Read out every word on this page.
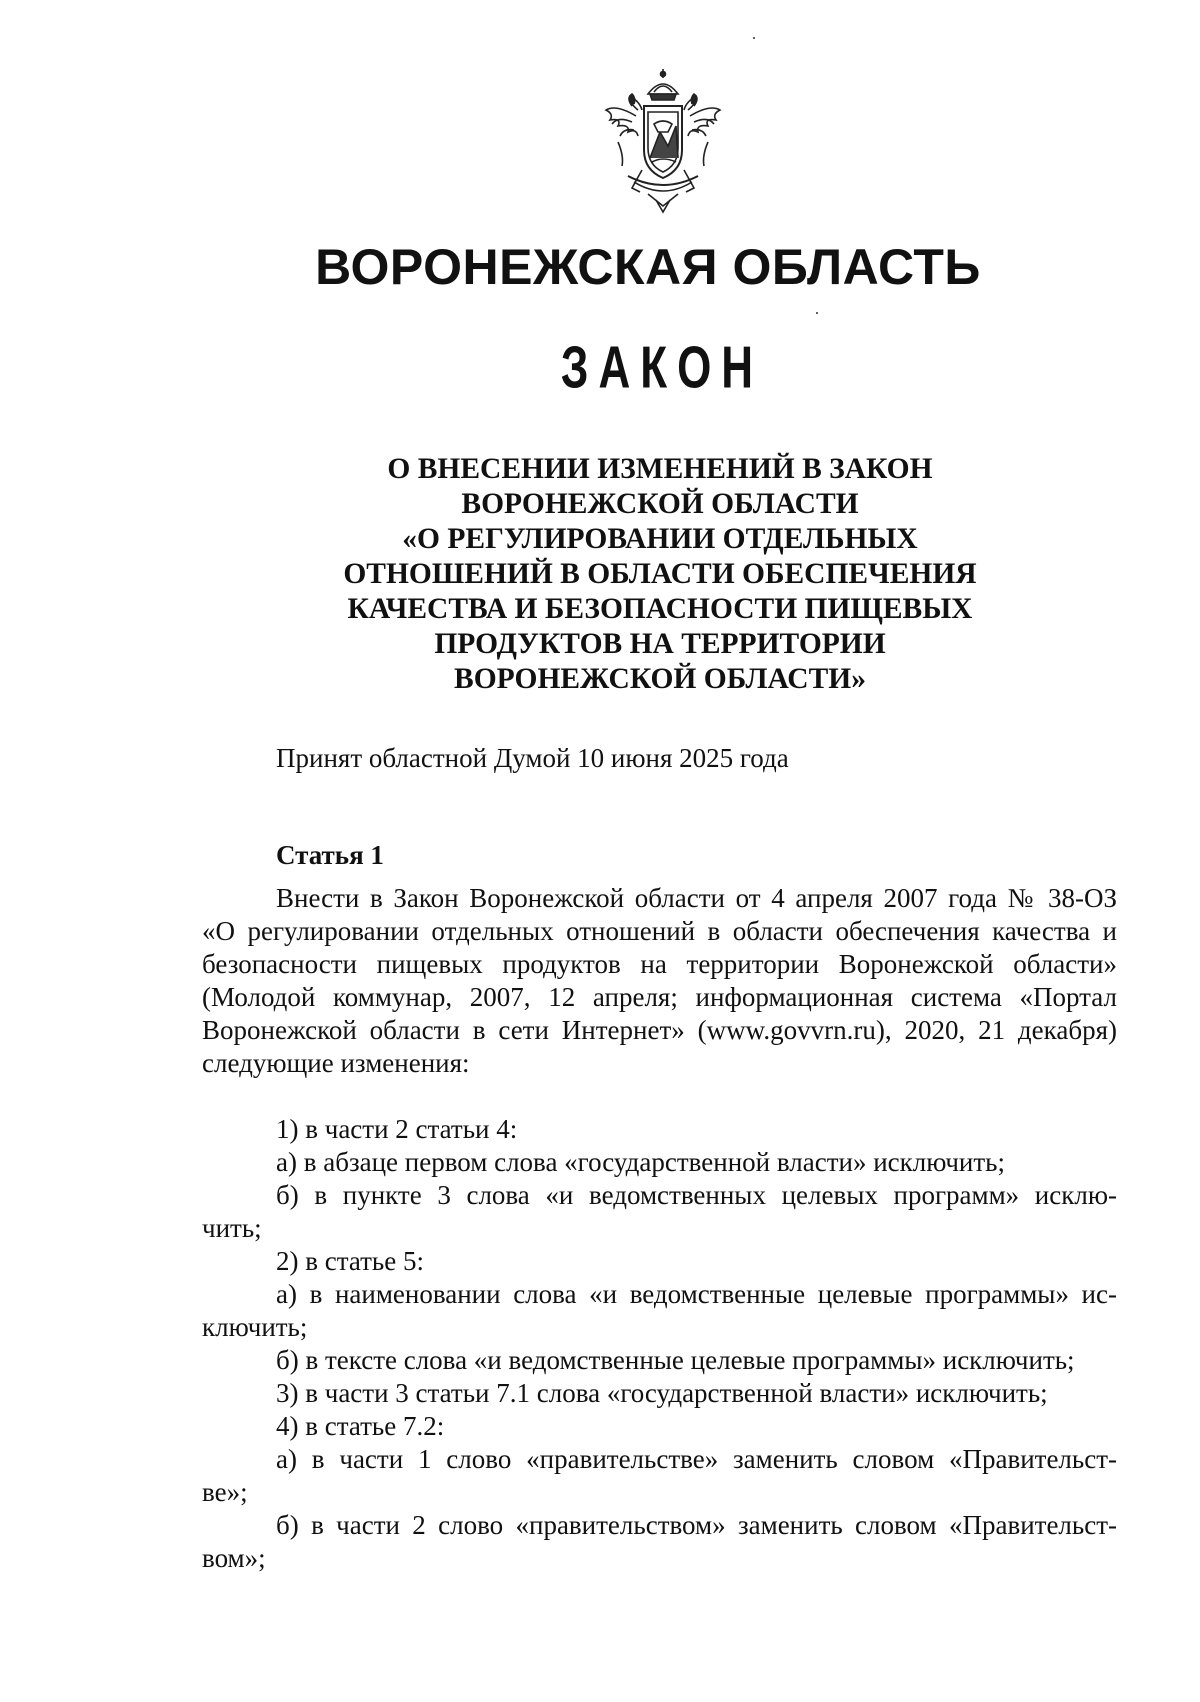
ВОРОНЕЖСКАЯ ОБЛАСТЬ
ЗАКОН
О ВНЕСЕНИИ ИЗМЕНЕНИЙ В ЗАКОН
ВОРОНЕЖСКОЙ ОБЛАСТИ
«О РЕГУЛИРОВАНИИ ОТДЕЛЬНЫХ
ОТНОШЕНИЙ В ОБЛАСТИ ОБЕСПЕЧЕНИЯ
КАЧЕСТВА И БЕЗОПАСНОСТИ ПИЩЕВЫХ
ПРОДУКТОВ НА ТЕРРИТОРИИ
ВОРОНЕЖСКОЙ ОБЛАСТИ»
Принят областной Думой 10 июня 2025 года
Статья 1
Внести в Закон Воронежской области от 4 апреля 2007 года № 38-ОЗ
«О регулировании отдельных отношений в области обеспечения качества и
безопасности пищевых продуктов на территории Воронежской области»
(Молодой коммунар, 2007, 12 апреля; информационная система «Портал
Воронежской области в сети Интернет» (www.govvrn.ru), 2020, 21 декабря)
следующие изменения:
1) в части 2 статьи 4:
а) в абзаце первом слова «государственной власти» исключить;
б) в пункте 3 слова «и ведомственных целевых программ» исклю-
чить;
2) в статье 5:
а) в наименовании слова «и ведомственные целевые программы» ис-
ключить;
б) в тексте слова «и ведомственные целевые программы» исключить;
3) в части 3 статьи 7.1 слова «государственной власти» исключить;
4) в статье 7.2:
а) в части 1 слово «правительстве» заменить словом «Правительст-
ве»;
б) в части 2 слово «правительством» заменить словом «Правительст-
вом»;
